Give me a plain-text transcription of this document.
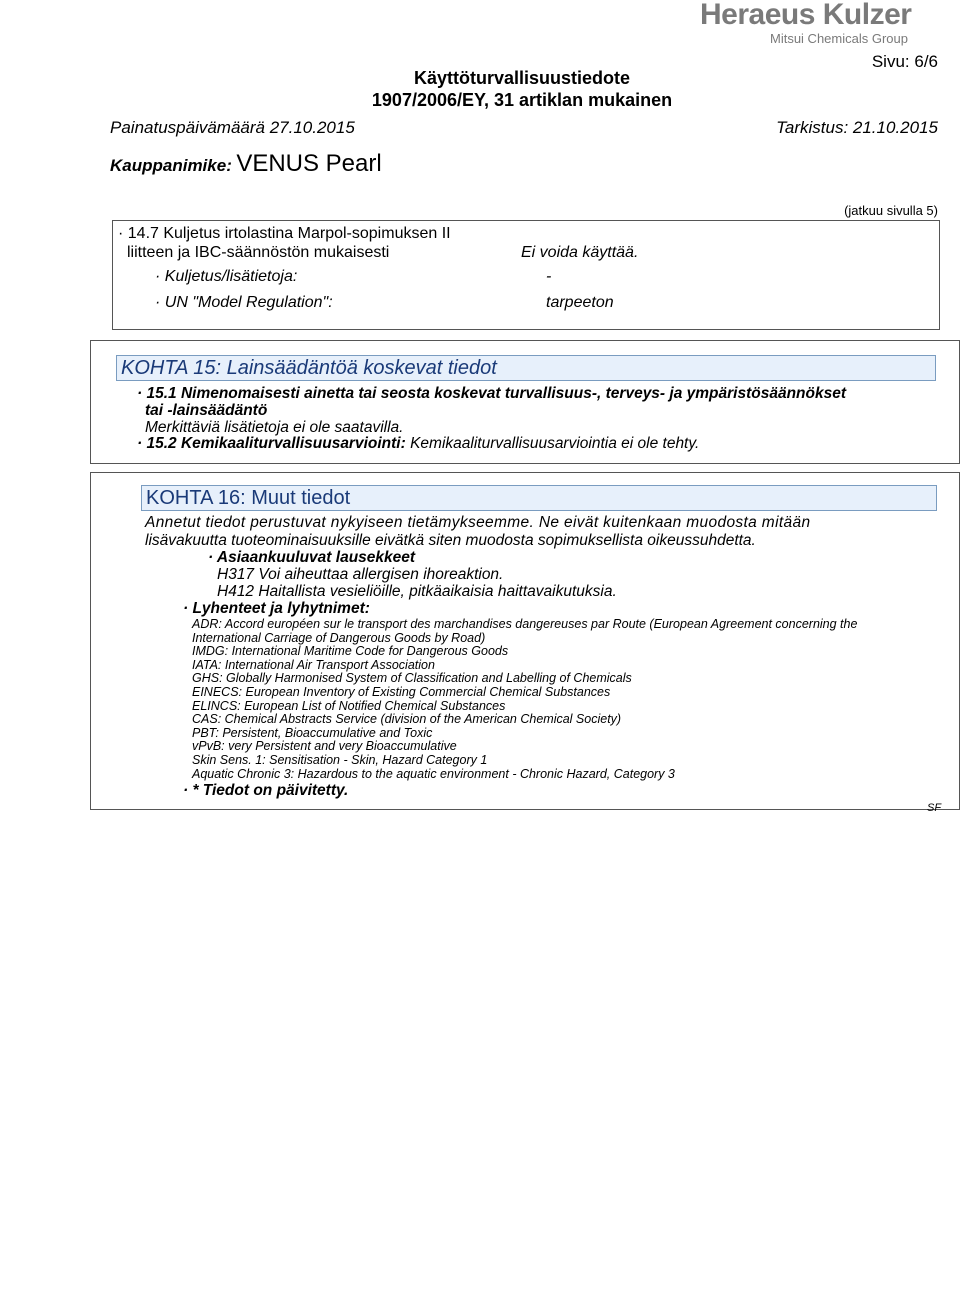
Heraeus Kulzer
Mitsui Chemicals Group
Sivu: 6/6
Käyttöturvallisuustiedote
1907/2006/EY, 31 artiklan mukainen
Painatuspäivämäärä 27.10.2015	Tarkistus: 21.10.2015
Kauppanimike: VENUS Pearl
(jatkuu sivulla 5)
· 14.7 Kuljetus irtolastina Marpol-sopimuksen II
liitteen ja IBC-säännöstön mukaisesti	Ei voida käyttää.
· Kuljetus/lisätietoja:	-
· UN "Model Regulation":	tarpeeton
KOHTA 15: Lainsäädäntöä koskevat tiedot
· 15.1 Nimenomaisesti ainetta tai seosta koskevat turvallisuus-, terveys- ja ympäristösäännökset
tai -lainsäädäntö
Merkittäviä lisätietoja ei ole saatavilla.
· 15.2 Kemikaaliturvallisuusarviointi: Kemikaaliturvallisuusarviointia ei ole tehty.
KOHTA 16: Muut tiedot
Annetut tiedot perustuvat nykyiseen tietämykseemme. Ne eivät kuitenkaan muodosta mitään
lisävakuutta tuoteominaisuuksille eivätkä siten muodosta sopimuksellista oikeussuhdetta.
· Asiaankuuluvat lausekkeet
H317 Voi aiheuttaa allergisen ihoreaktion.
H412 Haitallista vesieliöille, pitkäaikaisia haittavaikutuksia.
· Lyhenteet ja lyhytnimet:
ADR: Accord européen sur le transport des marchandises dangereuses par Route (European Agreement concerning the
International Carriage of Dangerous Goods by Road)
IMDG: International Maritime Code for Dangerous Goods
IATA: International Air Transport Association
GHS: Globally Harmonised System of Classification and Labelling of Chemicals
EINECS: European Inventory of Existing Commercial Chemical Substances
ELINCS: European List of Notified Chemical Substances
CAS: Chemical Abstracts Service (division of the American Chemical Society)
PBT: Persistent, Bioaccumulative and Toxic
vPvB: very Persistent and very Bioaccumulative
Skin Sens. 1: Sensitisation - Skin, Hazard Category 1
Aquatic Chronic 3: Hazardous to the aquatic environment - Chronic Hazard, Category 3
· * Tiedot on päivitetty.
SF
